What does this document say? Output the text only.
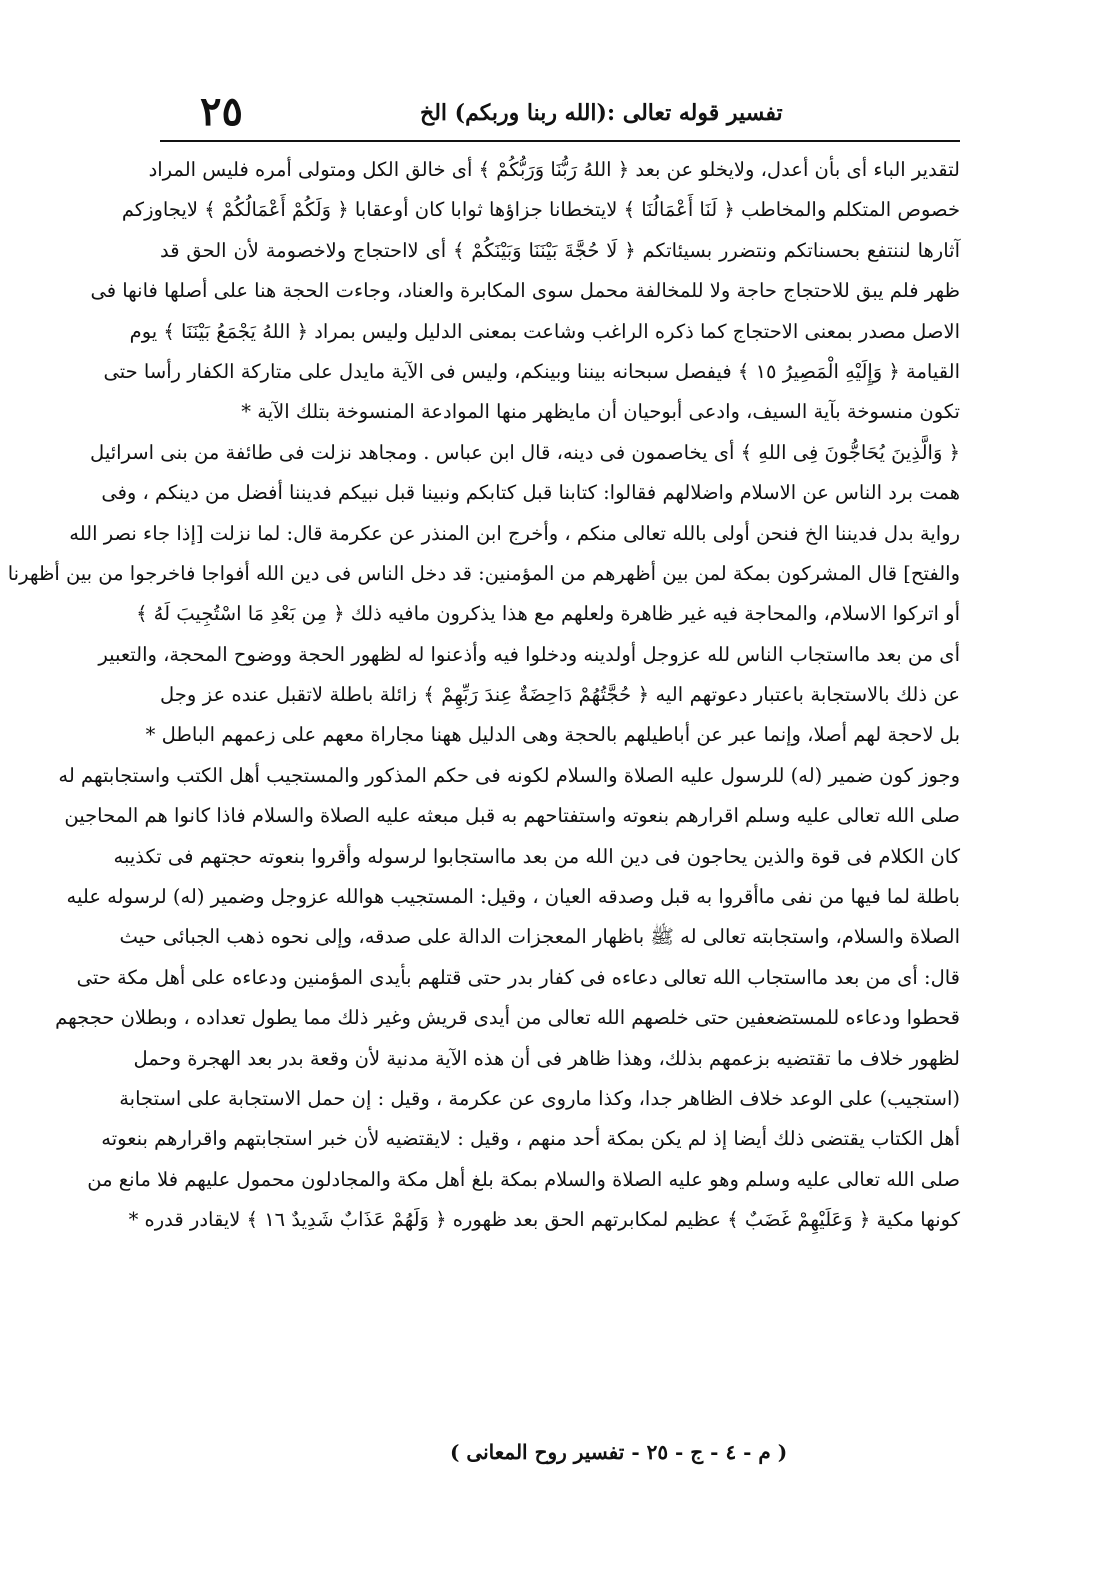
٢٥	تفسير قوله تعالى :(الله ربنا وربكم) الخ
لتقدير الباء أى بأن أعدل، ولايخلو عن بعد ﴿ اللهُ رَبُّنَا وَرَبُّكُمْ ﴾ أى خالق الكل ومتولى أمره فليس المراد
خصوص المتكلم والمخاطب ﴿ لَنَا أَعْمَالُنَا ﴾ لايتخطانا جزاؤها ثوابا كان أوعقابا ﴿ وَلَكُمْ أَعْمَالُكُمْ ﴾ لايجاوزكم
آثارها لننتفع بحسناتكم ونتضرر بسيئاتكم ﴿ لَا حُجَّةَ بَيْنَنَا وَبَيْنَكُمْ ﴾ أى لااحتجاج ولاخصومة لأن الحق قد
ظهر فلم يبق للاحتجاج حاجة ولا للمخالفة محمل سوى المكابرة والعناد، وجاءت الحجة هنا على أصلها فانها فى
الاصل مصدر بمعنى الاحتجاج كما ذكره الراغب وشاعت بمعنى الدليل وليس بمراد ﴿ اللهُ يَجْمَعُ بَيْنَنَا ﴾ يوم
القيامة ﴿ وَإِلَيْهِ الْمَصِيرُ ١٥ ﴾ فيفصل سبحانه بيننا وبينكم، وليس فى الآية مايدل على متاركة الكفار رأسا حتى
تكون منسوخة بآية السيف، وادعى أبوحيان أن مايظهر منها الموادعة المنسوخة بتلك الآية *
﴿ وَالَّذِينَ يُحَاجُّونَ فِى اللهِ ﴾ أى يخاصمون فى دينه، قال ابن عباس . ومجاهد نزلت فى طائفة من بنى اسرائيل
همت برد الناس عن الاسلام واضلالهم فقالوا: كتابنا قبل كتابكم ونبينا قبل نبيكم فديننا أفضل من دينكم ، وفى
رواية بدل فديننا الخ فنحن أولى بالله تعالى منكم ، وأخرج ابن المنذر عن عكرمة قال: لما نزلت [إذا جاء نصر الله
والفتح] قال المشركون بمكة لمن بين أظهرهم من المؤمنين: قد دخل الناس فى دين الله أفواجا فاخرجوا من بين أظهرنا
أو اتركوا الاسلام، والمحاجة فيه غير ظاهرة ولعلهم مع هذا يذكرون مافيه ذلك ﴿ مِن بَعْدِ مَا اسْتُجِيبَ لَهُ ﴾
أى من بعد مااستجاب الناس لله عزوجل أولدينه ودخلوا فيه وأذعنوا له لظهور الحجة ووضوح المحجة، والتعبير
عن ذلك بالاستجابة باعتبار دعوتهم اليه ﴿ حُجَّتُهُمْ دَاحِضَةٌ عِندَ رَبِّهِمْ ﴾ زائلة باطلة لاتقبل عنده عز وجل
بل لاحجة لهم أصلا، وإنما عبر عن أباطيلهم بالحجة وهى الدليل ههنا مجاراة معهم على زعمهم الباطل *
وجوز كون ضمير (له) للرسول عليه الصلاة والسلام لكونه فى حكم المذكور والمستجيب أهل الكتب واستجابتهم له
صلى الله تعالى عليه وسلم اقرارهم بنعوته واستفتاحهم به قبل مبعثه عليه الصلاة والسلام فاذا كانوا هم المحاجين
كان الكلام فى قوة والذين يحاجون فى دين الله من بعد مااستجابوا لرسوله وأقروا بنعوته حجتهم فى تكذيبه
باطلة لما فيها من نفى ماأقروا به قبل وصدقه العيان ، وقيل: المستجيب هوالله عزوجل وضمير (له) لرسوله عليه
الصلاة والسلام، واستجابته تعالى له ﷺ باظهار المعجزات الدالة على صدقه، وإلى نحوه ذهب الجبائى حيث
قال: أى من بعد مااستجاب الله تعالى دعاءه فى كفار بدر حتى قتلهم بأيدى المؤمنين ودعاءه على أهل مكة حتى
قحطوا ودعاءه للمستضعفين حتى خلصهم الله تعالى من أيدى قريش وغير ذلك مما يطول تعداده ، وبطلان حججهم
لظهور خلاف ما تقتضيه بزعمهم بذلك، وهذا ظاهر فى أن هذه الآية مدنية لأن وقعة بدر بعد الهجرة وحمل
(استجيب) على الوعد خلاف الظاهر جدا، وكذا ماروى عن عكرمة ، وقيل : إن حمل الاستجابة على استجابة
أهل الكتاب يقتضى ذلك أيضا إذ لم يكن بمكة أحد منهم ، وقيل : لايقتضيه لأن خبر استجابتهم واقرارهم بنعوته
صلى الله تعالى عليه وسلم وهو عليه الصلاة والسلام بمكة بلغ أهل مكة والمجادلون محمول عليهم فلا مانع من
كونها مكية ﴿ وَعَلَيْهِمْ غَضَبٌ ﴾ عظيم لمكابرتهم الحق بعد ظهوره ﴿ وَلَهُمْ عَذَابٌ شَدِيدٌ ١٦ ﴾ لايقادر قدره *
( م - ٤ - ج - ٢٥ - تفسير روح المعانى )
